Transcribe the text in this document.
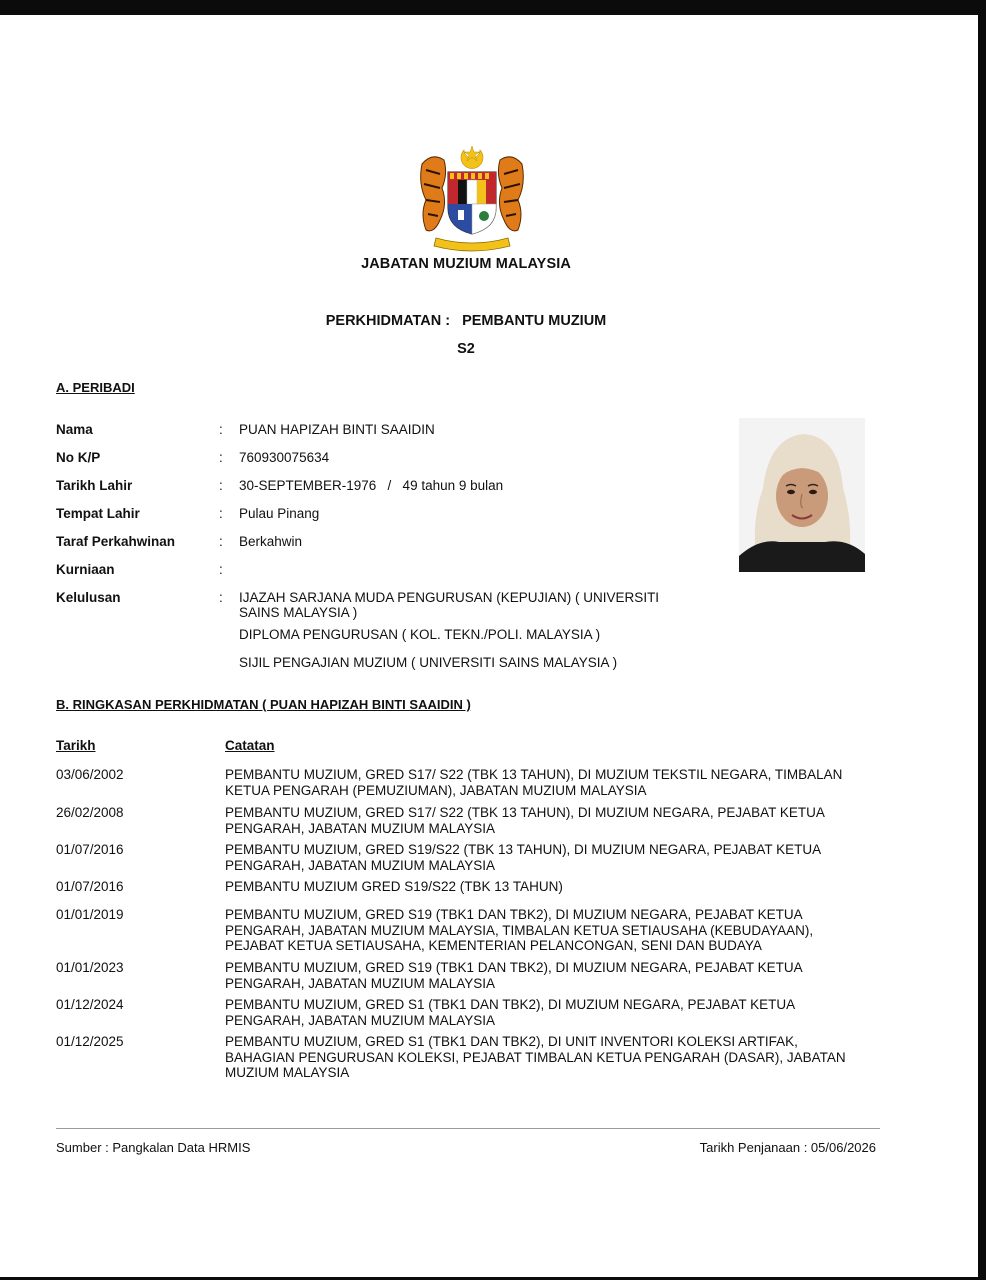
JABATAN MUZIUM MALAYSIA
PERKHIDMATAN : PEMBANTU MUZIUM
S2
A. PERIBADI
Nama	:	PUAN HAPIZAH BINTI SAAIDIN
No K/P	:	760930075634
Tarikh Lahir	:	30-SEPTEMBER-1976   /   49 tahun 9 bulan
Tempat Lahir	:	Pulau Pinang
Taraf Perkahwinan	:	Berkahwin
Kurniaan	:
Kelulusan	:	IJAZAH SARJANA MUDA PENGURUSAN (KEPUJIAN) ( UNIVERSITI SAINS MALAYSIA )
DIPLOMA PENGURUSAN ( KOL. TEKN./POLI. MALAYSIA )
SIJIL PENGAJIAN MUZIUM ( UNIVERSITI SAINS MALAYSIA )
B. RINGKASAN PERKHIDMATAN ( PUAN HAPIZAH BINTI SAAIDIN )
Tarikh	Catatan
03/06/2002	PEMBANTU MUZIUM, GRED S17/ S22 (TBK 13 TAHUN), DI MUZIUM TEKSTIL NEGARA, TIMBALAN KETUA PENGARAH (PEMUZIUMAN), JABATAN MUZIUM MALAYSIA
26/02/2008	PEMBANTU MUZIUM, GRED S17/ S22 (TBK 13 TAHUN), DI MUZIUM NEGARA, PEJABAT KETUA PENGARAH, JABATAN MUZIUM MALAYSIA
01/07/2016	PEMBANTU MUZIUM, GRED S19/S22 (TBK 13 TAHUN), DI MUZIUM NEGARA, PEJABAT KETUA PENGARAH, JABATAN MUZIUM MALAYSIA
01/07/2016	PEMBANTU MUZIUM GRED S19/S22 (TBK 13 TAHUN)
01/01/2019	PEMBANTU MUZIUM, GRED S19 (TBK1 DAN TBK2), DI MUZIUM NEGARA, PEJABAT KETUA PENGARAH, JABATAN MUZIUM MALAYSIA, TIMBALAN KETUA SETIAUSAHA (KEBUDAYAAN), PEJABAT KETUA SETIAUSAHA, KEMENTERIAN PELANCONGAN, SENI DAN BUDAYA
01/01/2023	PEMBANTU MUZIUM, GRED S19 (TBK1 DAN TBK2), DI MUZIUM NEGARA, PEJABAT KETUA PENGARAH, JABATAN MUZIUM MALAYSIA
01/12/2024	PEMBANTU MUZIUM, GRED S1 (TBK1 DAN TBK2), DI MUZIUM NEGARA, PEJABAT KETUA PENGARAH, JABATAN MUZIUM MALAYSIA
01/12/2025	PEMBANTU MUZIUM, GRED S1 (TBK1 DAN TBK2), DI UNIT INVENTORI KOLEKSI ARTIFAK, BAHAGIAN PENGURUSAN KOLEKSI, PEJABAT TIMBALAN KETUA PENGARAH (DASAR), JABATAN MUZIUM MALAYSIA
Sumber : Pangkalan Data HRMIS	Tarikh Penjanaan : 05/06/2026
